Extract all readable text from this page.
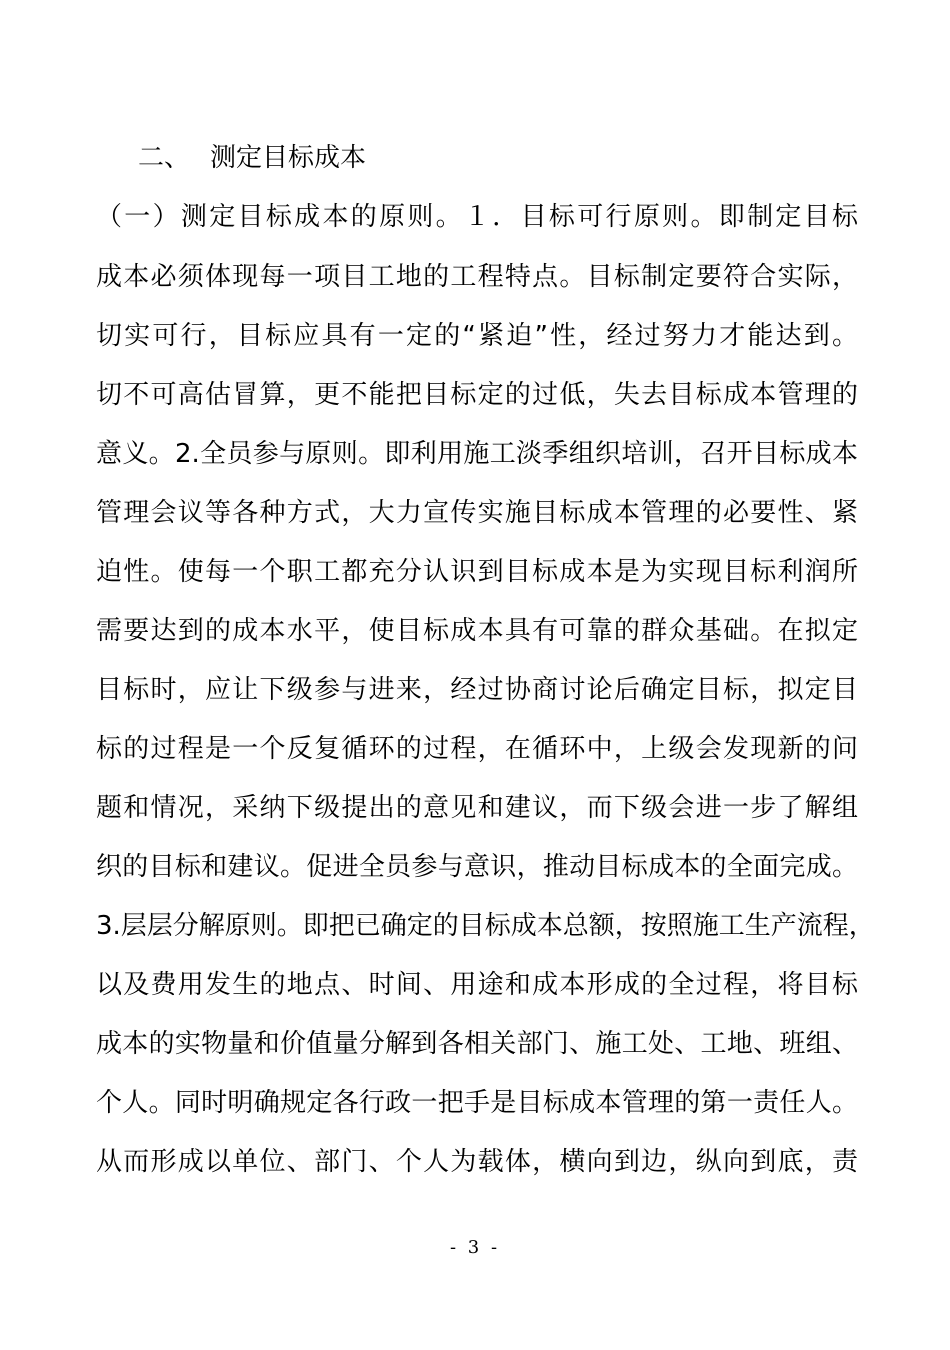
二、 测定目标成本
（一）测定目标成本的原则。１．目标可行原则。即制定目标
成本必须体现每一项目工地的工程特点。目标制定要符合实际，
切实可行，目标应具有一定的“紧迫”性，经过努力才能达到。
切不可高估冒算，更不能把目标定的过低，失去目标成本管理的
意义。2.全员参与原则。即利用施工淡季组织培训，召开目标成本
管理会议等各种方式，大力宣传实施目标成本管理的必要性、紧
迫性。使每一个职工都充分认识到目标成本是为实现目标利润所
需要达到的成本水平，使目标成本具有可靠的群众基础。在拟定
目标时，应让下级参与进来，经过协商讨论后确定目标，拟定目
标的过程是一个反复循环的过程，在循环中，上级会发现新的问
题和情况，采纳下级提出的意见和建议，而下级会进一步了解组
织的目标和建议。促进全员参与意识，推动目标成本的全面完成。
3.层层分解原则。即把已确定的目标成本总额，按照施工生产流程，
以及费用发生的地点、时间、用途和成本形成的全过程，将目标
成本的实物量和价值量分解到各相关部门、施工处、工地、班组、
个人。同时明确规定各行政一把手是目标成本管理的第一责任人。
从而形成以单位、部门、个人为载体，横向到边，纵向到底，责
- 3 -
